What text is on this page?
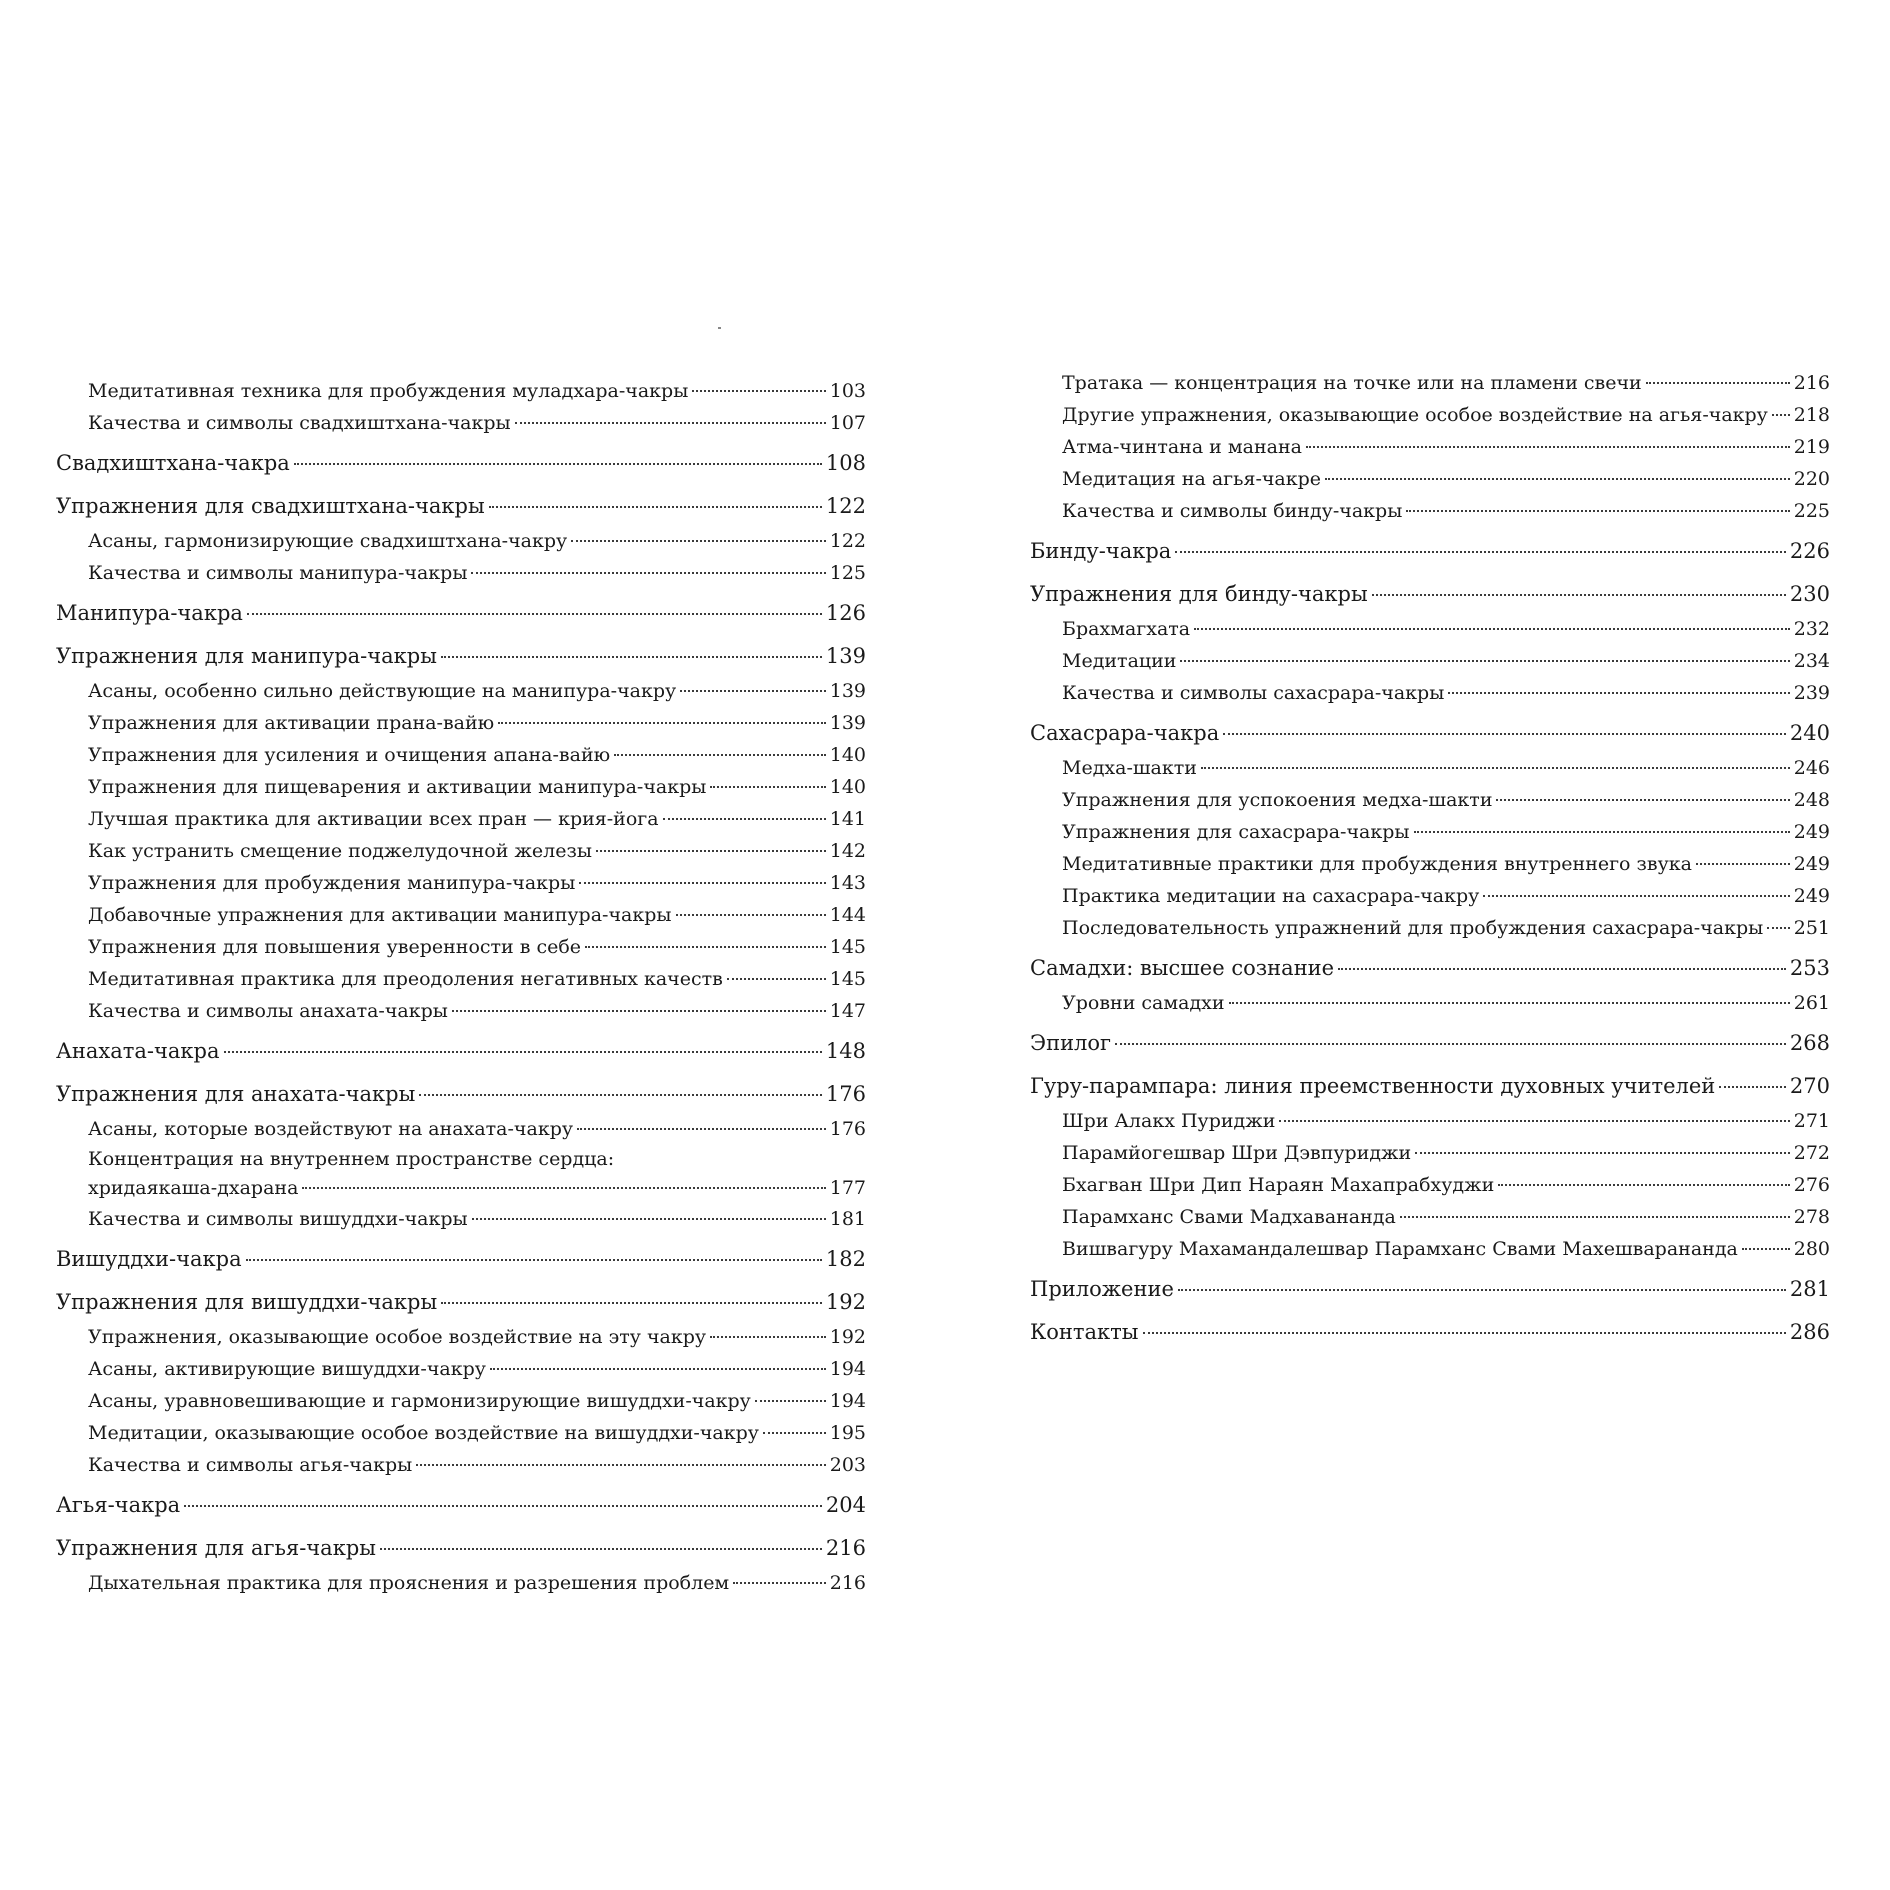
Медитативная техника для пробуждения муладхара-чакры	103
Качества и символы свадхиштхана-чакры	107
Свадхиштхана-чакра	108
Упражнения для свадхиштхана-чакры	122
Асаны, гармонизирующие свадхиштхана-чакру	122
Качества и символы манипура-чакры	125
Манипура-чакра	126
Упражнения для манипура-чакры	139
Асаны, особенно сильно действующие на манипура-чакру	139
Упражнения для активации прана-вайю	139
Упражнения для усиления и очищения апана-вайю	140
Упражнения для пищеварения и активации манипура-чакры	140
Лучшая практика для активации всех пран — крия-йога	141
Как устранить смещение поджелудочной железы	142
Упражнения для пробуждения манипура-чакры	143
Добавочные упражнения для активации манипура-чакры	144
Упражнения для повышения уверенности в себе	145
Медитативная практика для преодоления негативных качеств	145
Качества и символы анахата-чакры	147
Анахата-чакра	148
Упражнения для анахата-чакры	176
Асаны, которые воздействуют на анахата-чакру	176
Концентрация на внутреннем пространстве сердца:
хридаякаша-дхарана	177
Качества и символы вишуддхи-чакры	181
Вишуддхи-чакра	182
Упражнения для вишуддхи-чакры	192
Упражнения, оказывающие особое воздействие на эту чакру	192
Асаны, активирующие вишуддхи-чакру	194
Асаны, уравновешивающие и гармонизирующие вишуддхи-чакру	194
Медитации, оказывающие особое воздействие на вишуддхи-чакру	195
Качества и символы агья-чакры	203
Агья-чакра	204
Упражнения для агья-чакры	216
Дыхательная практика для прояснения и разрешения проблем	216
Тратака — концентрация на точке или на пламени свечи	216
Другие упражнения, оказывающие особое воздействие на агья-чакру 218
Атма-чинтана и манана	219
Медитация на агья-чакре	220
Качества и символы бинду-чакры	225
Бинду-чакра	226
Упражнения для бинду-чакры	230
Брахмагхата	232
Медитации	234
Качества и символы сахасрара-чакры	239
Сахасрара-чакра	240
Медха-шакти	246
Упражнения для успокоения медха-шакти	248
Упражнения для сахасрара-чакры	249
Медитативные практики для пробуждения внутреннего звука	249
Практика медитации на сахасрара-чакру	249
Последовательность упражнений для пробуждения сахасрара-чакры 251
Самадхи: высшее сознание	253
Уровни самадхи	261
Эпилог	268
Гуру-парампара: линия преемственности духовных учителей	270
Шри Алакх Пуриджи	271
Парамйогешвар Шри Дэвпуриджи	272
Бхагван Шри Дип Нараян Махапрабхуджи	276
Парамханс Свами Мадхавананда	278
Вишвагуру Махамандалешвар Парамханс Свами Махешварананда	280
Приложение	281
Контакты	286
